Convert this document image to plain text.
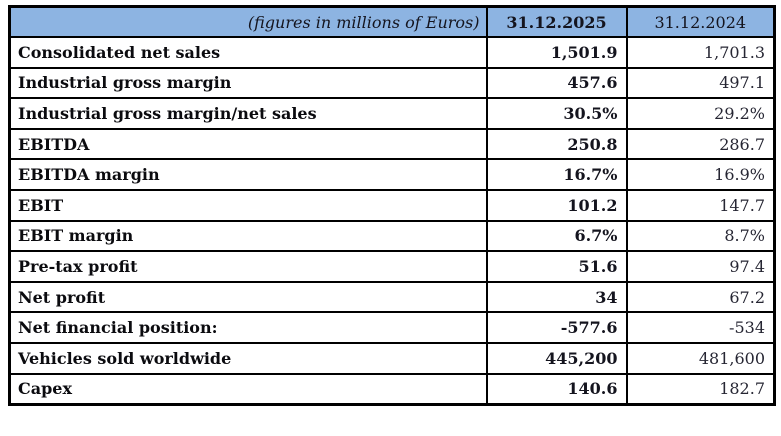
(figures in millions of Euros)	31.12.2025	31.12.2024
Consolidated net sales	1,501.9	1,701.3
Industrial gross margin	457.6	497.1
Industrial gross margin/net sales	30.5%	29.2%
EBITDA	250.8	286.7
EBITDA margin	16.7%	16.9%
EBIT	101.2	147.7
EBIT margin	6.7%	8.7%
Pre-tax profit	51.6	97.4
Net profit	34	67.2
Net financial position:	-577.6	-534
Vehicles sold worldwide	445,200	481,600
Capex	140.6	182.7
